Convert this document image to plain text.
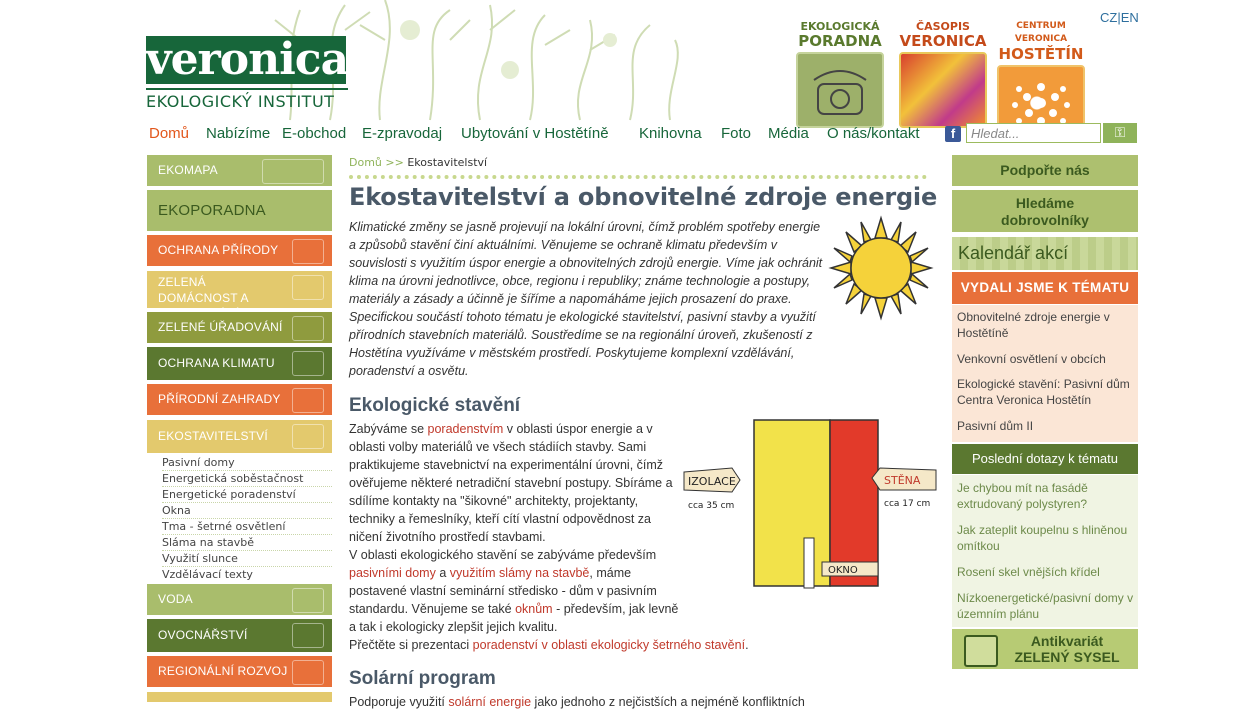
veronica
EKOLOGICKÝ INSTITUT
EKOLOGICKÁ
PORADNA
ČASOPIS
VERONICA
CENTRUM VERONICA
HOSTĚTÍN
CZ|EN
Domů Nabízíme E-obchod E-zpravodaj Ubytování v Hostětíně Knihovna Foto Média O nás/kontakt	f
Hledat...	⚿
EKOMAPA
EKOPORADNA
OCHRANA PŘÍRODY
ZELENÁ DOMÁCNOST A
ZELENÉ ÚŘADOVÁNÍ
OCHRANA KLIMATU
PŘÍRODNÍ ZAHRADY
EKOSTAVITELSTVÍ
Pasivní domy
Energetická soběstačnost
Energetické poradenství
Okna
Tma - šetrné osvětlení
Sláma na stavbě
Využití slunce
Vzdělávací texty
VODA
OVOCNÁŘSTVÍ
REGIONÁLNÍ ROZVOJ
Domů >> Ekostavitelství
Ekostavitelství a obnovitelné zdroje energie
Klimatické změny se jasně projevují na lokální úrovni, čímž problém spotřeby energie a způsobů stavění činí aktuálními. Věnujeme se ochraně klimatu především v souvislosti s využitím úspor energie a obnovitelných zdrojů energie. Víme jak ochránit klima na úrovni jednotlivce, obce, regionu i republiky; známe technologie a postupy, materiály a zásady a účinně je šíříme a napomáháme jejich prosazení do praxe. Specifickou součástí tohoto tématu je ekologické stavitelství, pasivní stavby a využití přírodních stavebních materiálů. Soustředíme se na regionální úroveň, zkušeností z Hostětína využíváme v městském prostředí. Poskytujeme komplexní vzdělávání, poradenství a osvětu.
Ekologické stavění
Zabýváme se poradenstvím v oblasti úspor energie a v oblasti volby materiálů ve všech stádiích stavby. Sami praktikujeme stavebnictví na experimentální úrovni, čímž ověřujeme některé netradiční stavební postupy. Sbíráme a sdílíme kontakty na "šikovné" architekty, projektanty, techniky a řemeslníky, kteří cítí vlastní odpovědnost za ničení životního prostředí stavbami.
V oblasti ekologického stavění se zabýváme především pasivními domy a využitím slámy na stavbě, máme postavené vlastní seminární středisko - dům v pasivním standardu. Věnujeme se také oknům - především, jak levně a tak i ekologicky zlepšit jejich kvalitu.
Přečtěte si prezentaci poradenství v oblasti ekologicky šetrného stavění.
IZOLACE
cca 35 cm
STĚNA
cca 17 cm
OKNO
Solární program
Podporuje využití solární energie jako jednoho z nejčistších a nejméně konfliktních
Podpořte nás
Hledáme dobrovolníky
Kalendář akcí
VYDALI JSME K TÉMATU
Obnovitelné zdroje energie v Hostětíně
Venkovní osvětlení v obcích
Ekologické stavění: Pasivní dům Centra Veronica Hostětín
Pasivní dům II
Poslední dotazy k tématu
Je chybou mít na fasádě extrudovaný polystyren?
Jak zateplit koupelnu s hliněnou omítkou
Rosení skel vnějších křídel
Nízkoenergetické/pasivní domy v územním plánu
Antikvariát
ZELENÝ SYSEL
